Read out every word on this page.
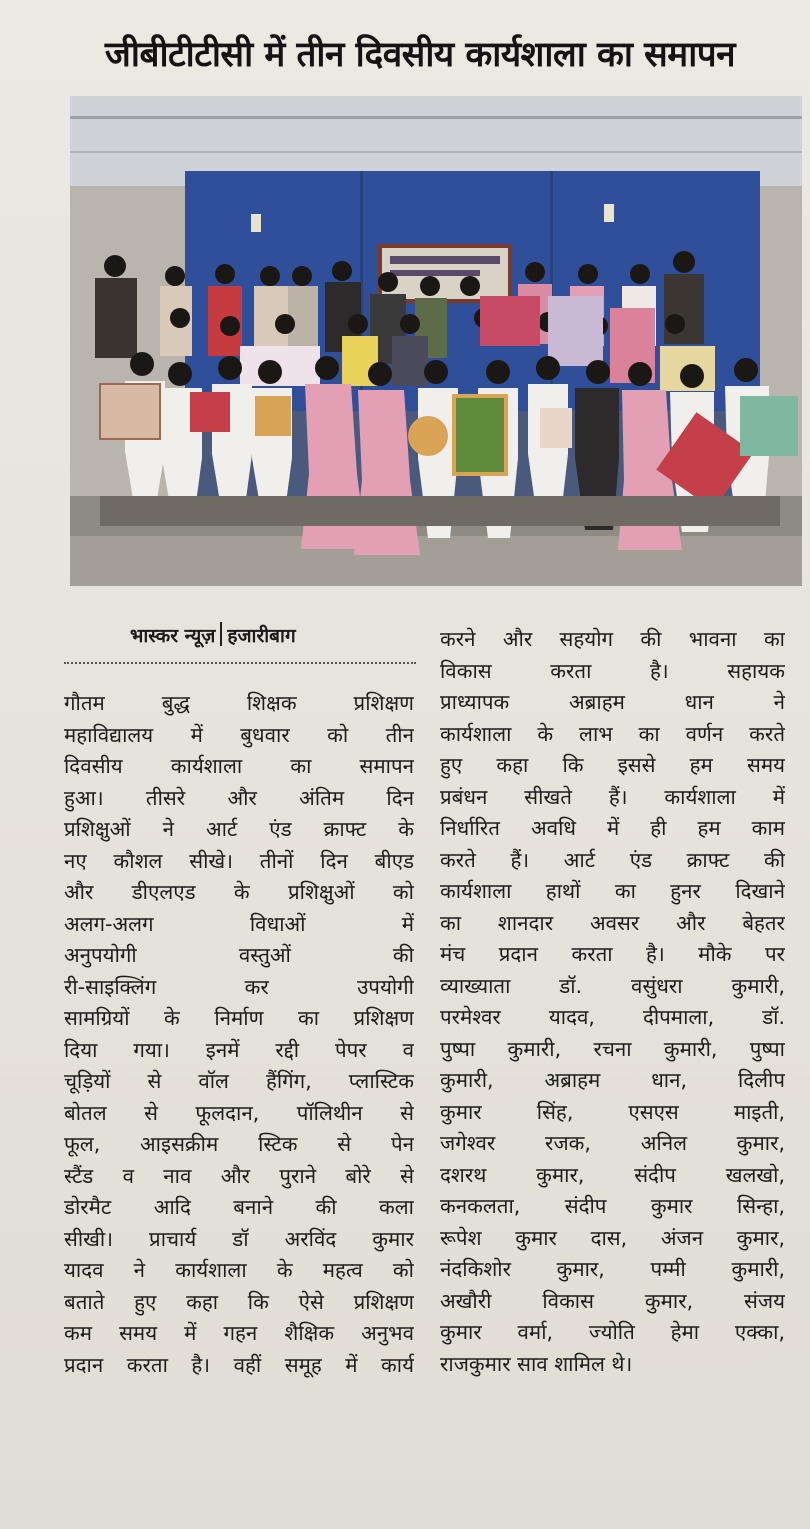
जीबीटीटीसी में तीन दिवसीय कार्यशाला का समापन
भास्कर न्यूज़ हजारीबाग
गौतम बुद्ध शिक्षक प्रशिक्षण
महाविद्यालय में बुधवार को तीन
दिवसीय कार्यशाला का समापन
हुआ। तीसरे और अंतिम दिन
प्रशिक्षुओं ने आर्ट एंड क्राफ्ट के
नए कौशल सीखे। तीनों दिन बीएड
और डीएलएड के प्रशिक्षुओं को
अलग-अलग विधाओं में
अनुपयोगी वस्तुओं की
री-साइक्लिंग कर उपयोगी
सामग्रियों के निर्माण का प्रशिक्षण
दिया गया। इनमें रद्दी पेपर व
चूड़ियों से वॉल हैंगिंग, प्लास्टिक
बोतल से फूलदान, पॉलिथीन से
फूल, आइसक्रीम स्टिक से पेन
स्टैंड व नाव और पुराने बोरे से
डोरमैट आदि बनाने की कला
सीखी। प्राचार्य डॉ अरविंद कुमार
यादव ने कार्यशाला के महत्व को
बताते हुए कहा कि ऐसे प्रशिक्षण
कम समय में गहन शैक्षिक अनुभव
प्रदान करता है। वहीं समूह में कार्य
करने और सहयोग की भावना का
विकास करता है। सहायक
प्राध्यापक अब्राहम धान ने
कार्यशाला के लाभ का वर्णन करते
हुए कहा कि इससे हम समय
प्रबंधन सीखते हैं। कार्यशाला में
निर्धारित अवधि में ही हम काम
करते हैं। आर्ट एंड क्राफ्ट की
कार्यशाला हाथों का हुनर दिखाने
का शानदार अवसर और बेहतर
मंच प्रदान करता है। मौके पर
व्याख्याता डॉ. वसुंधरा कुमारी,
परमेश्वर यादव, दीपमाला, डॉ.
पुष्पा कुमारी, रचना कुमारी, पुष्पा
कुमारी, अब्राहम धान, दिलीप
कुमार सिंह, एसएस माइती,
जगेश्वर रजक, अनिल कुमार,
दशरथ कुमार, संदीप खलखो,
कनकलता, संदीप कुमार सिन्हा,
रूपेश कुमार दास, अंजन कुमार,
नंदकिशोर कुमार, पम्मी कुमारी,
अखौरी विकास कुमार, संजय
कुमार वर्मा, ज्योति हेमा एक्का,
राजकुमार साव शामिल थे।
